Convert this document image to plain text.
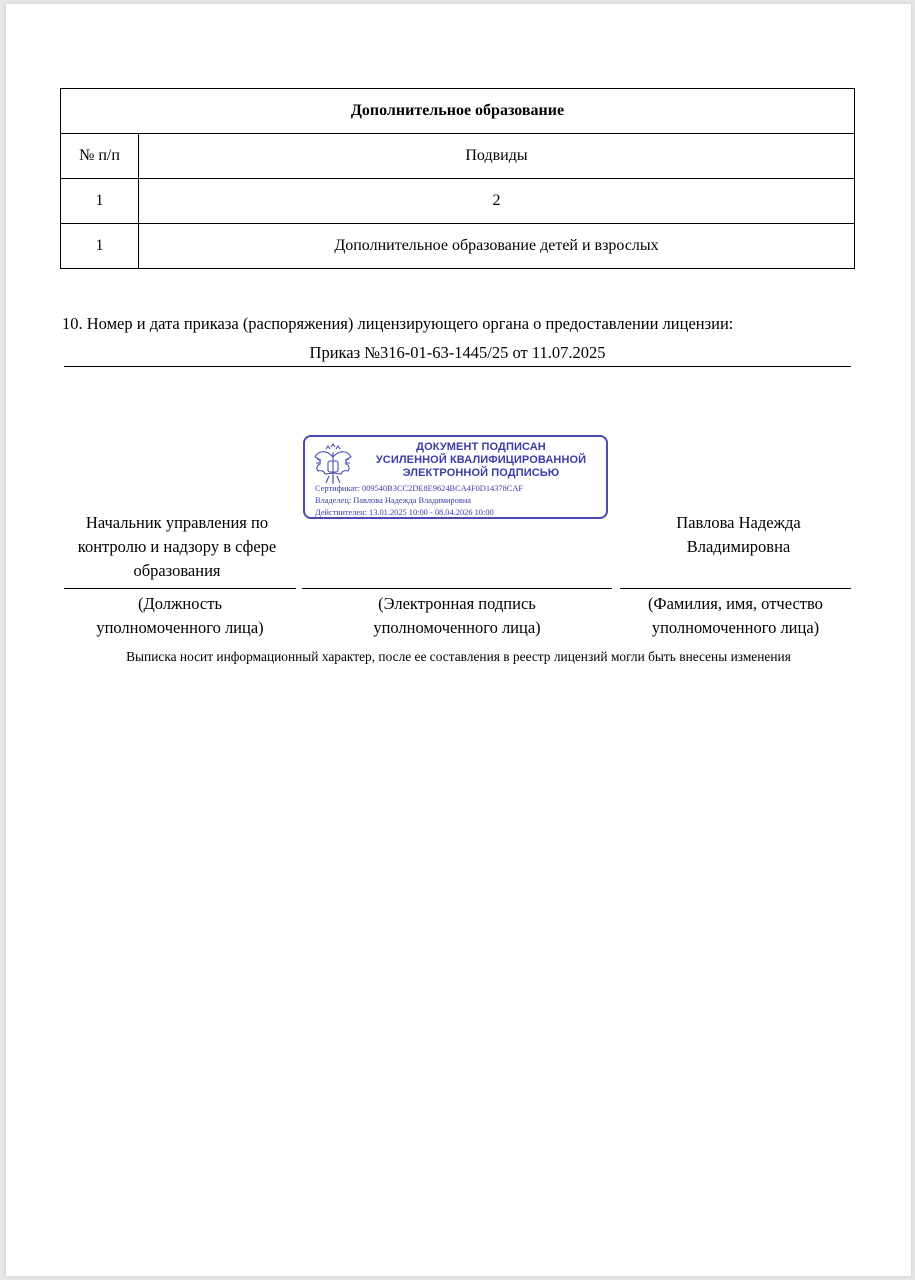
Дополнительное образование	
№ п/п	Подвиды
1	2
1	Дополнительное образование детей и взрослых
10. Номер и дата приказа (распоряжения) лицензирующего органа о предоставлении лицензии:
Приказ №316-01-63-1445/25 от 11.07.2025
ДОКУМЕНТ ПОДПИСАН
УСИЛЕННОЙ КВАЛИФИЦИРОВАННОЙ
ЭЛЕКТРОННОЙ ПОДПИСЬЮ
Сертификат: 009540B3CC2DE8E9624BCA4F0D14378CAF
Владелец: Павлова Надежда Владимировна
Действителен: 13.01.2025 10:00 - 08.04.2026 10:00
Начальник управления по
контролю и надзору в сфере
образования
Павлова Надежда
Владимировна
(Должность
уполномоченного лица)
(Электронная подпись
уполномоченного лица)
(Фамилия, имя, отчество
уполномоченного лица)
Выписка носит информационный характер, после ее составления в реестр лицензий могли быть внесены изменения
